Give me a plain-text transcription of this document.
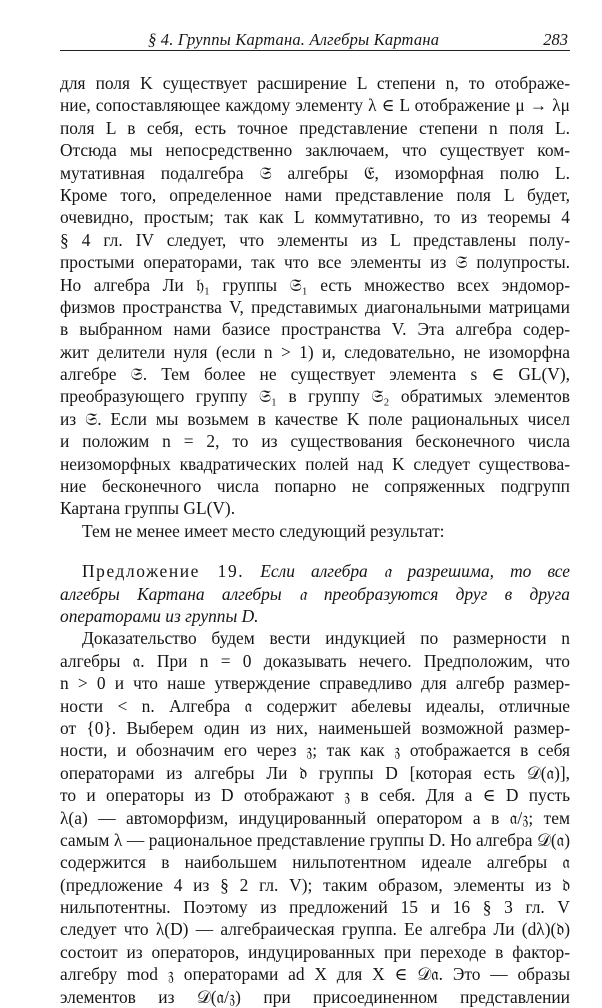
§ 4. Группы Картана. Алгебры Картана	283
для поля K существует расширение L степени n, то отображе-
ние, сопоставляющее каждому элементу λ ∈ L отображение μ → λμ
поля L в себя, есть точное представление степени n поля L.
Отсюда мы непосредственно заключаем, что существует ком-
мутативная подалгебра 𝔖 алгебры 𝔈, изоморфная полю L.
Кроме того, определенное нами представление поля L будет,
очевидно, простым; так как L коммутативно, то из теоремы 4
§ 4 гл. IV следует, что элементы из L представлены полу-
простыми операторами, так что все элементы из 𝔖 полупросты.
Но алгебра Ли 𝔥₁ группы 𝔖₁ есть множество всех эндомор-
физмов пространства V, представимых диагональными матрицами
в выбранном нами базисе пространства V. Эта алгебра содер-
жит делители нуля (если n > 1) и, следовательно, не изоморфна
алгебре 𝔖. Тем более не существует элемента s ∈ GL(V),
преобразующего группу 𝔖₁ в группу 𝔖₂ обратимых элементов
из 𝔖. Если мы возьмем в качестве K поле рациональных чисел
и положим n = 2, то из существования бесконечного числа
неизоморфных квадратических полей над K следует существова-
ние бесконечного числа попарно не сопряженных подгрупп
Картана группы GL(V).
Тем не менее имеет место следующий результат:
Предложение 19. Если алгебра 𝔞 разрешима, то все
алгебры Картана алгебры 𝔞 преобразуются друг в друга
операторами из группы D.
Доказательство будем вести индукцией по размерности n
алгебры 𝔞. При n = 0 доказывать нечего. Предположим, что
n > 0 и что наше утверждение справедливо для алгебр размер-
ности < n. Алгебра 𝔞 содержит абелевы идеалы, отличные
от {0}. Выберем один из них, наименьшей возможной размер-
ности, и обозначим его через 𝔷; так как 𝔷 отображается в себя
операторами из алгебры Ли 𝔡 группы D [которая есть 𝒟(𝔞)],
то и операторы из D отображают 𝔷 в себя. Для a ∈ D пусть
λ(a) — автоморфизм, индуцированный оператором a в 𝔞/𝔷; тем
самым λ — рациональное представление группы D. Но алгебра 𝒟(𝔞)
содержится в наибольшем нильпотентном идеале алгебры 𝔞
(предложение 4 из § 2 гл. V); таким образом, элементы из 𝔡
нильпотентны. Поэтому из предложений 15 и 16 § 3 гл. V
следует что λ(D) — алгебраическая группа. Ее алгебра Ли (dλ)(𝔡)
состоит из операторов, индуцированных при переходе в фактор-
алгебру mod 𝔷 операторами ad X для X ∈ 𝒟𝔞. Это — образы
элементов из 𝒟(𝔞/𝔷) при присоединенном представлении
